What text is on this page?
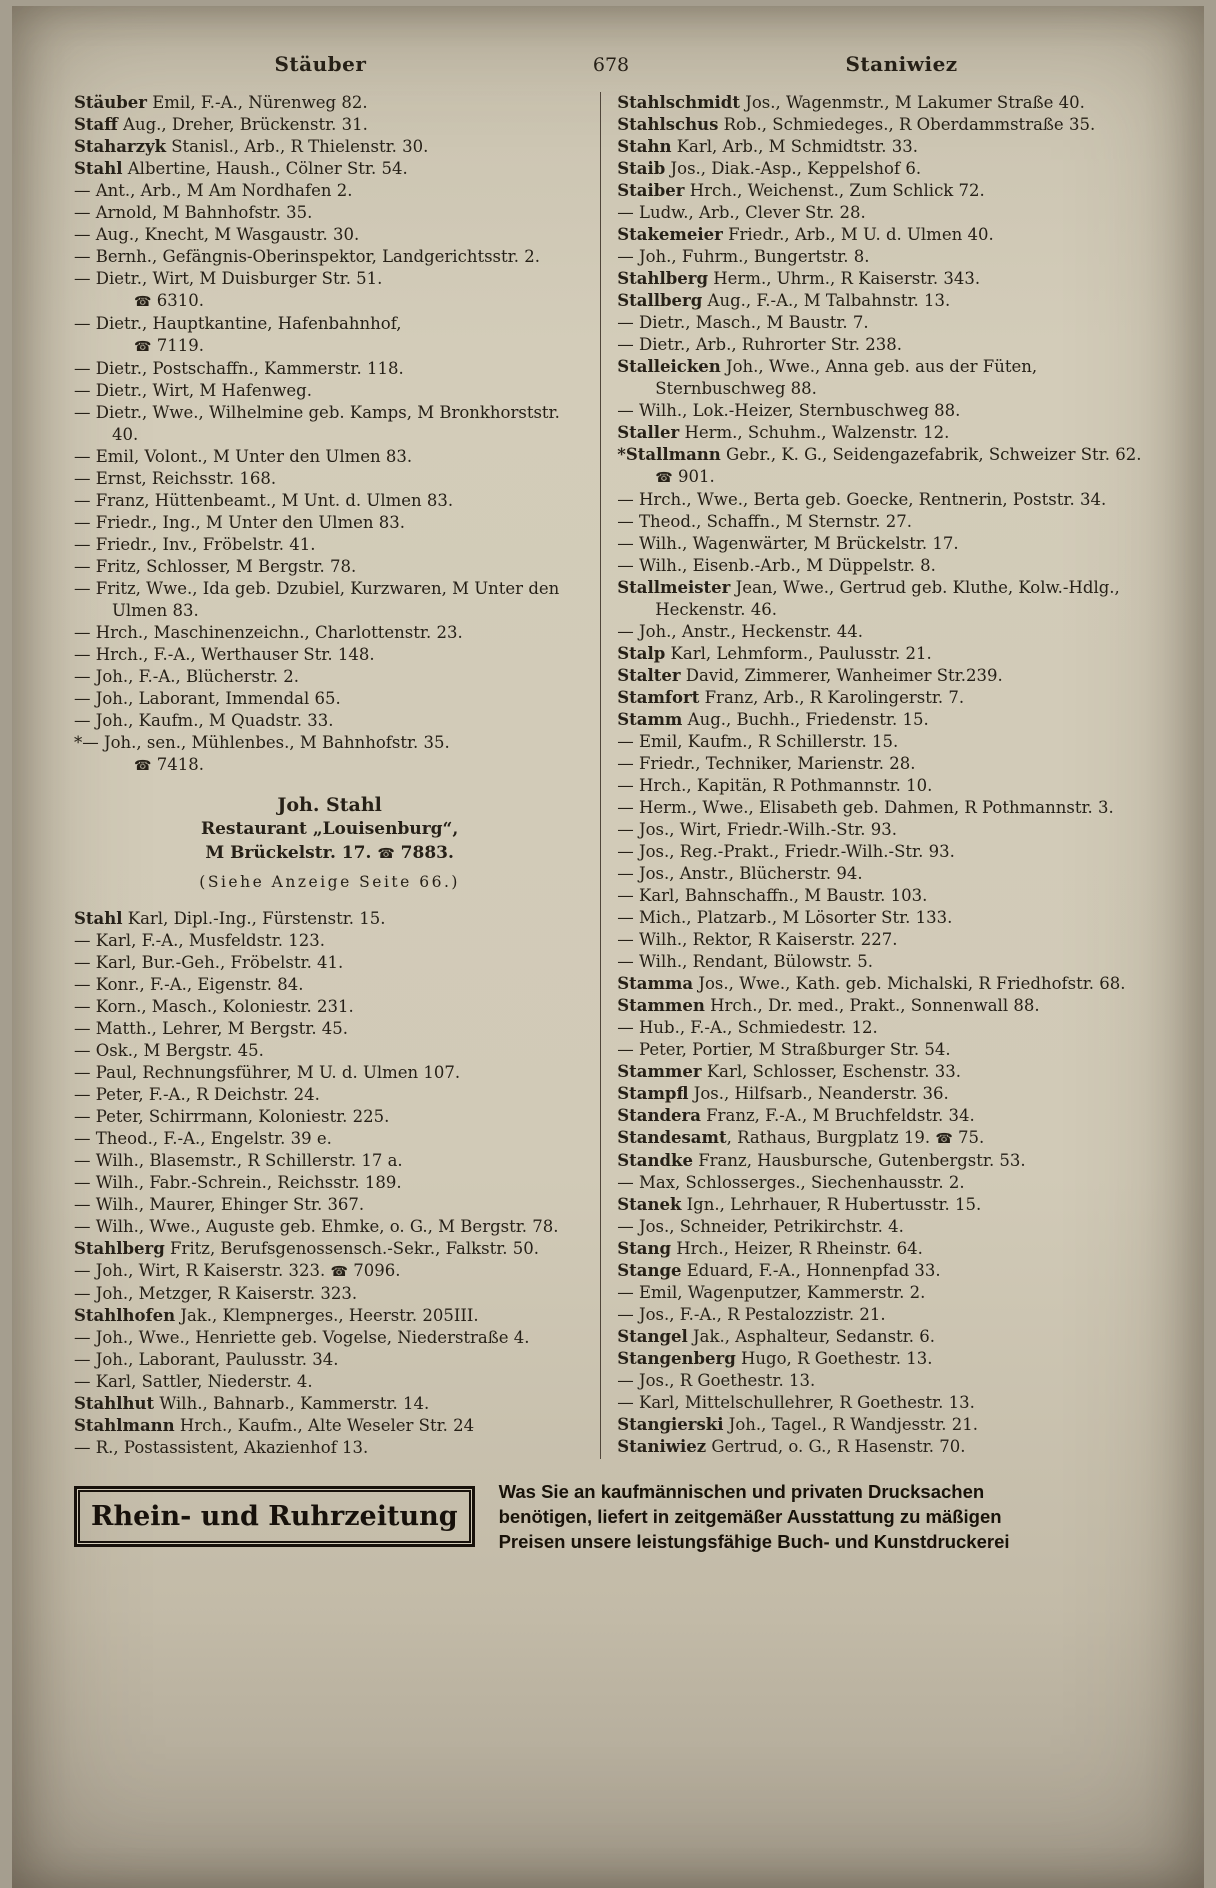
Stäuber	678	Staniwiez

Stäuber Emil, F.-A., Nürenweg 82.

Staff Aug., Dreher, Brückenstr. 31.

Staharzyk Stanisl., Arb., R Thielenstr. 30.

Stahl Albertine, Haush., Cölner Str. 54.

— Ant., Arb., M Am Nordhafen 2.

— Arnold, M Bahnhofstr. 35.

— Aug., Knecht, M Wasgaustr. 30.

— Bernh., Gefängnis-Oberinspektor, Landgerichtsstr. 2.

— Dietr., Wirt, M Duisburger Str. 51.

☎ 6310.

— Dietr., Hauptkantine, Hafenbahnhof,

☎ 7119.

— Dietr., Postschaffn., Kammerstr. 118.

— Dietr., Wirt, M Hafenweg.

— Dietr., Wwe., Wilhelmine geb. Kamps, M Bronkhorststr. 40.

— Emil, Volont., M Unter den Ulmen 83.

— Ernst, Reichsstr. 168.

— Franz, Hüttenbeamt., M Unt. d. Ulmen 83.

— Friedr., Ing., M Unter den Ulmen 83.

— Friedr., Inv., Fröbelstr. 41.

— Fritz, Schlosser, M Bergstr. 78.

— Fritz, Wwe., Ida geb. Dzubiel, Kurzwaren, M Unter den Ulmen 83.

— Hrch., Maschinenzeichn., Charlottenstr. 23.

— Hrch., F.-A., Werthauser Str. 148.

— Joh., F.-A., Blücherstr. 2.

— Joh., Laborant, Immendal 65.

— Joh., Kaufm., M Quadstr. 33.

*— Joh., sen., Mühlenbes., M Bahnhofstr. 35.

☎ 7418.

Joh. Stahl

Restaurant „Louisenburg“,

M Brückelstr. 17. ☎ 7883.

(Siehe Anzeige Seite 66.)

Stahl Karl, Dipl.-Ing., Fürstenstr. 15.

— Karl, F.-A., Musfeldstr. 123.

— Karl, Bur.-Geh., Fröbelstr. 41.

— Konr., F.-A., Eigenstr. 84.

— Korn., Masch., Koloniestr. 231.

— Matth., Lehrer, M Bergstr. 45.

— Osk., M Bergstr. 45.

— Paul, Rechnungsführer, M U. d. Ulmen 107.

— Peter, F.-A., R Deichstr. 24.

— Peter, Schirrmann, Koloniestr. 225.

— Theod., F.-A., Engelstr. 39 e.

— Wilh., Blasemstr., R Schillerstr. 17 a.

— Wilh., Fabr.-Schrein., Reichsstr. 189.

— Wilh., Maurer, Ehinger Str. 367.

— Wilh., Wwe., Auguste geb. Ehmke, o. G., M Bergstr. 78.

Stahlberg Fritz, Berufsgenossensch.-Sekr., Falkstr. 50.

— Joh., Wirt, R Kaiserstr. 323. ☎ 7096.

— Joh., Metzger, R Kaiserstr. 323.

Stahlhofen Jak., Klempnerges., Heerstr. 205III.

— Joh., Wwe., Henriette geb. Vogelse, Niederstraße 4.

— Joh., Laborant, Paulusstr. 34.

— Karl, Sattler, Niederstr. 4.

Stahlhut Wilh., Bahnarb., Kammerstr. 14.

Stahlmann Hrch., Kaufm., Alte Weseler Str. 24

— R., Postassistent, Akazienhof 13.

Stahlschmidt Jos., Wagenmstr., M Lakumer Straße 40.

Stahlschus Rob., Schmiedeges., R Oberdammstraße 35.

Stahn Karl, Arb., M Schmidtstr. 33.

Staib Jos., Diak.-Asp., Keppelshof 6.

Staiber Hrch., Weichenst., Zum Schlick 72.

— Ludw., Arb., Clever Str. 28.

Stakemeier Friedr., Arb., M U. d. Ulmen 40.

— Joh., Fuhrm., Bungertstr. 8.

Stahlberg Herm., Uhrm., R Kaiserstr. 343.

Stallberg Aug., F.-A., M Talbahnstr. 13.

— Dietr., Masch., M Baustr. 7.

— Dietr., Arb., Ruhrorter Str. 238.

Stalleicken Joh., Wwe., Anna geb. aus der Füten, Sternbuschweg 88.

— Wilh., Lok.-Heizer, Sternbuschweg 88.

Staller Herm., Schuhm., Walzenstr. 12.

*Stallmann Gebr., K. G., Seidengazefabrik, Schweizer Str. 62. ☎ 901.

— Hrch., Wwe., Berta geb. Goecke, Rentnerin, Poststr. 34.

— Theod., Schaffn., M Sternstr. 27.

— Wilh., Wagenwärter, M Brückelstr. 17.

— Wilh., Eisenb.-Arb., M Düppelstr. 8.

Stallmeister Jean, Wwe., Gertrud geb. Kluthe, Kolw.-Hdlg., Heckenstr. 46.

— Joh., Anstr., Heckenstr. 44.

Stalp Karl, Lehmform., Paulusstr. 21.

Stalter David, Zimmerer, Wanheimer Str.239.

Stamfort Franz, Arb., R Karolingerstr. 7.

Stamm Aug., Buchh., Friedenstr. 15.

— Emil, Kaufm., R Schillerstr. 15.

— Friedr., Techniker, Marienstr. 28.

— Hrch., Kapitän, R Pothmannstr. 10.

— Herm., Wwe., Elisabeth geb. Dahmen, R Pothmannstr. 3.

— Jos., Wirt, Friedr.-Wilh.-Str. 93.

— Jos., Reg.-Prakt., Friedr.-Wilh.-Str. 93.

— Jos., Anstr., Blücherstr. 94.

— Karl, Bahnschaffn., M Baustr. 103.

— Mich., Platzarb., M Lösorter Str. 133.

— Wilh., Rektor, R Kaiserstr. 227.

— Wilh., Rendant, Bülowstr. 5.

Stamma Jos., Wwe., Kath. geb. Michalski, R Friedhofstr. 68.

Stammen Hrch., Dr. med., Prakt., Sonnenwall 88.

— Hub., F.-A., Schmiedestr. 12.

— Peter, Portier, M Straßburger Str. 54.

Stammer Karl, Schlosser, Eschenstr. 33.

Stampfl Jos., Hilfsarb., Neanderstr. 36.

Standera Franz, F.-A., M Bruchfeldstr. 34.

Standesamt, Rathaus, Burgplatz 19. ☎ 75.

Standke Franz, Hausbursche, Gutenbergstr. 53.

— Max, Schlosserges., Siechenhausstr. 2.

Stanek Ign., Lehrhauer, R Hubertusstr. 15.

— Jos., Schneider, Petrikirchstr. 4.

Stang Hrch., Heizer, R Rheinstr. 64.

Stange Eduard, F.-A., Honnenpfad 33.

— Emil, Wagenputzer, Kammerstr. 2.

— Jos., F.-A., R Pestalozzistr. 21.

Stangel Jak., Asphalteur, Sedanstr. 6.

Stangenberg Hugo, R Goethestr. 13.

— Jos., R Goethestr. 13.

— Karl, Mittelschullehrer, R Goethestr. 13.

Stangierski Joh., Tagel., R Wandjesstr. 21.

Staniwiez Gertrud, o. G., R Hasenstr. 70.

Rhein- und Ruhrzeitung
Was Sie an kaufmännischen und privaten Drucksachen
benötigen, liefert in zeitgemäßer Ausstattung zu mäßigen
Preisen unsere leistungsfähige Buch- und Kunstdruckerei
